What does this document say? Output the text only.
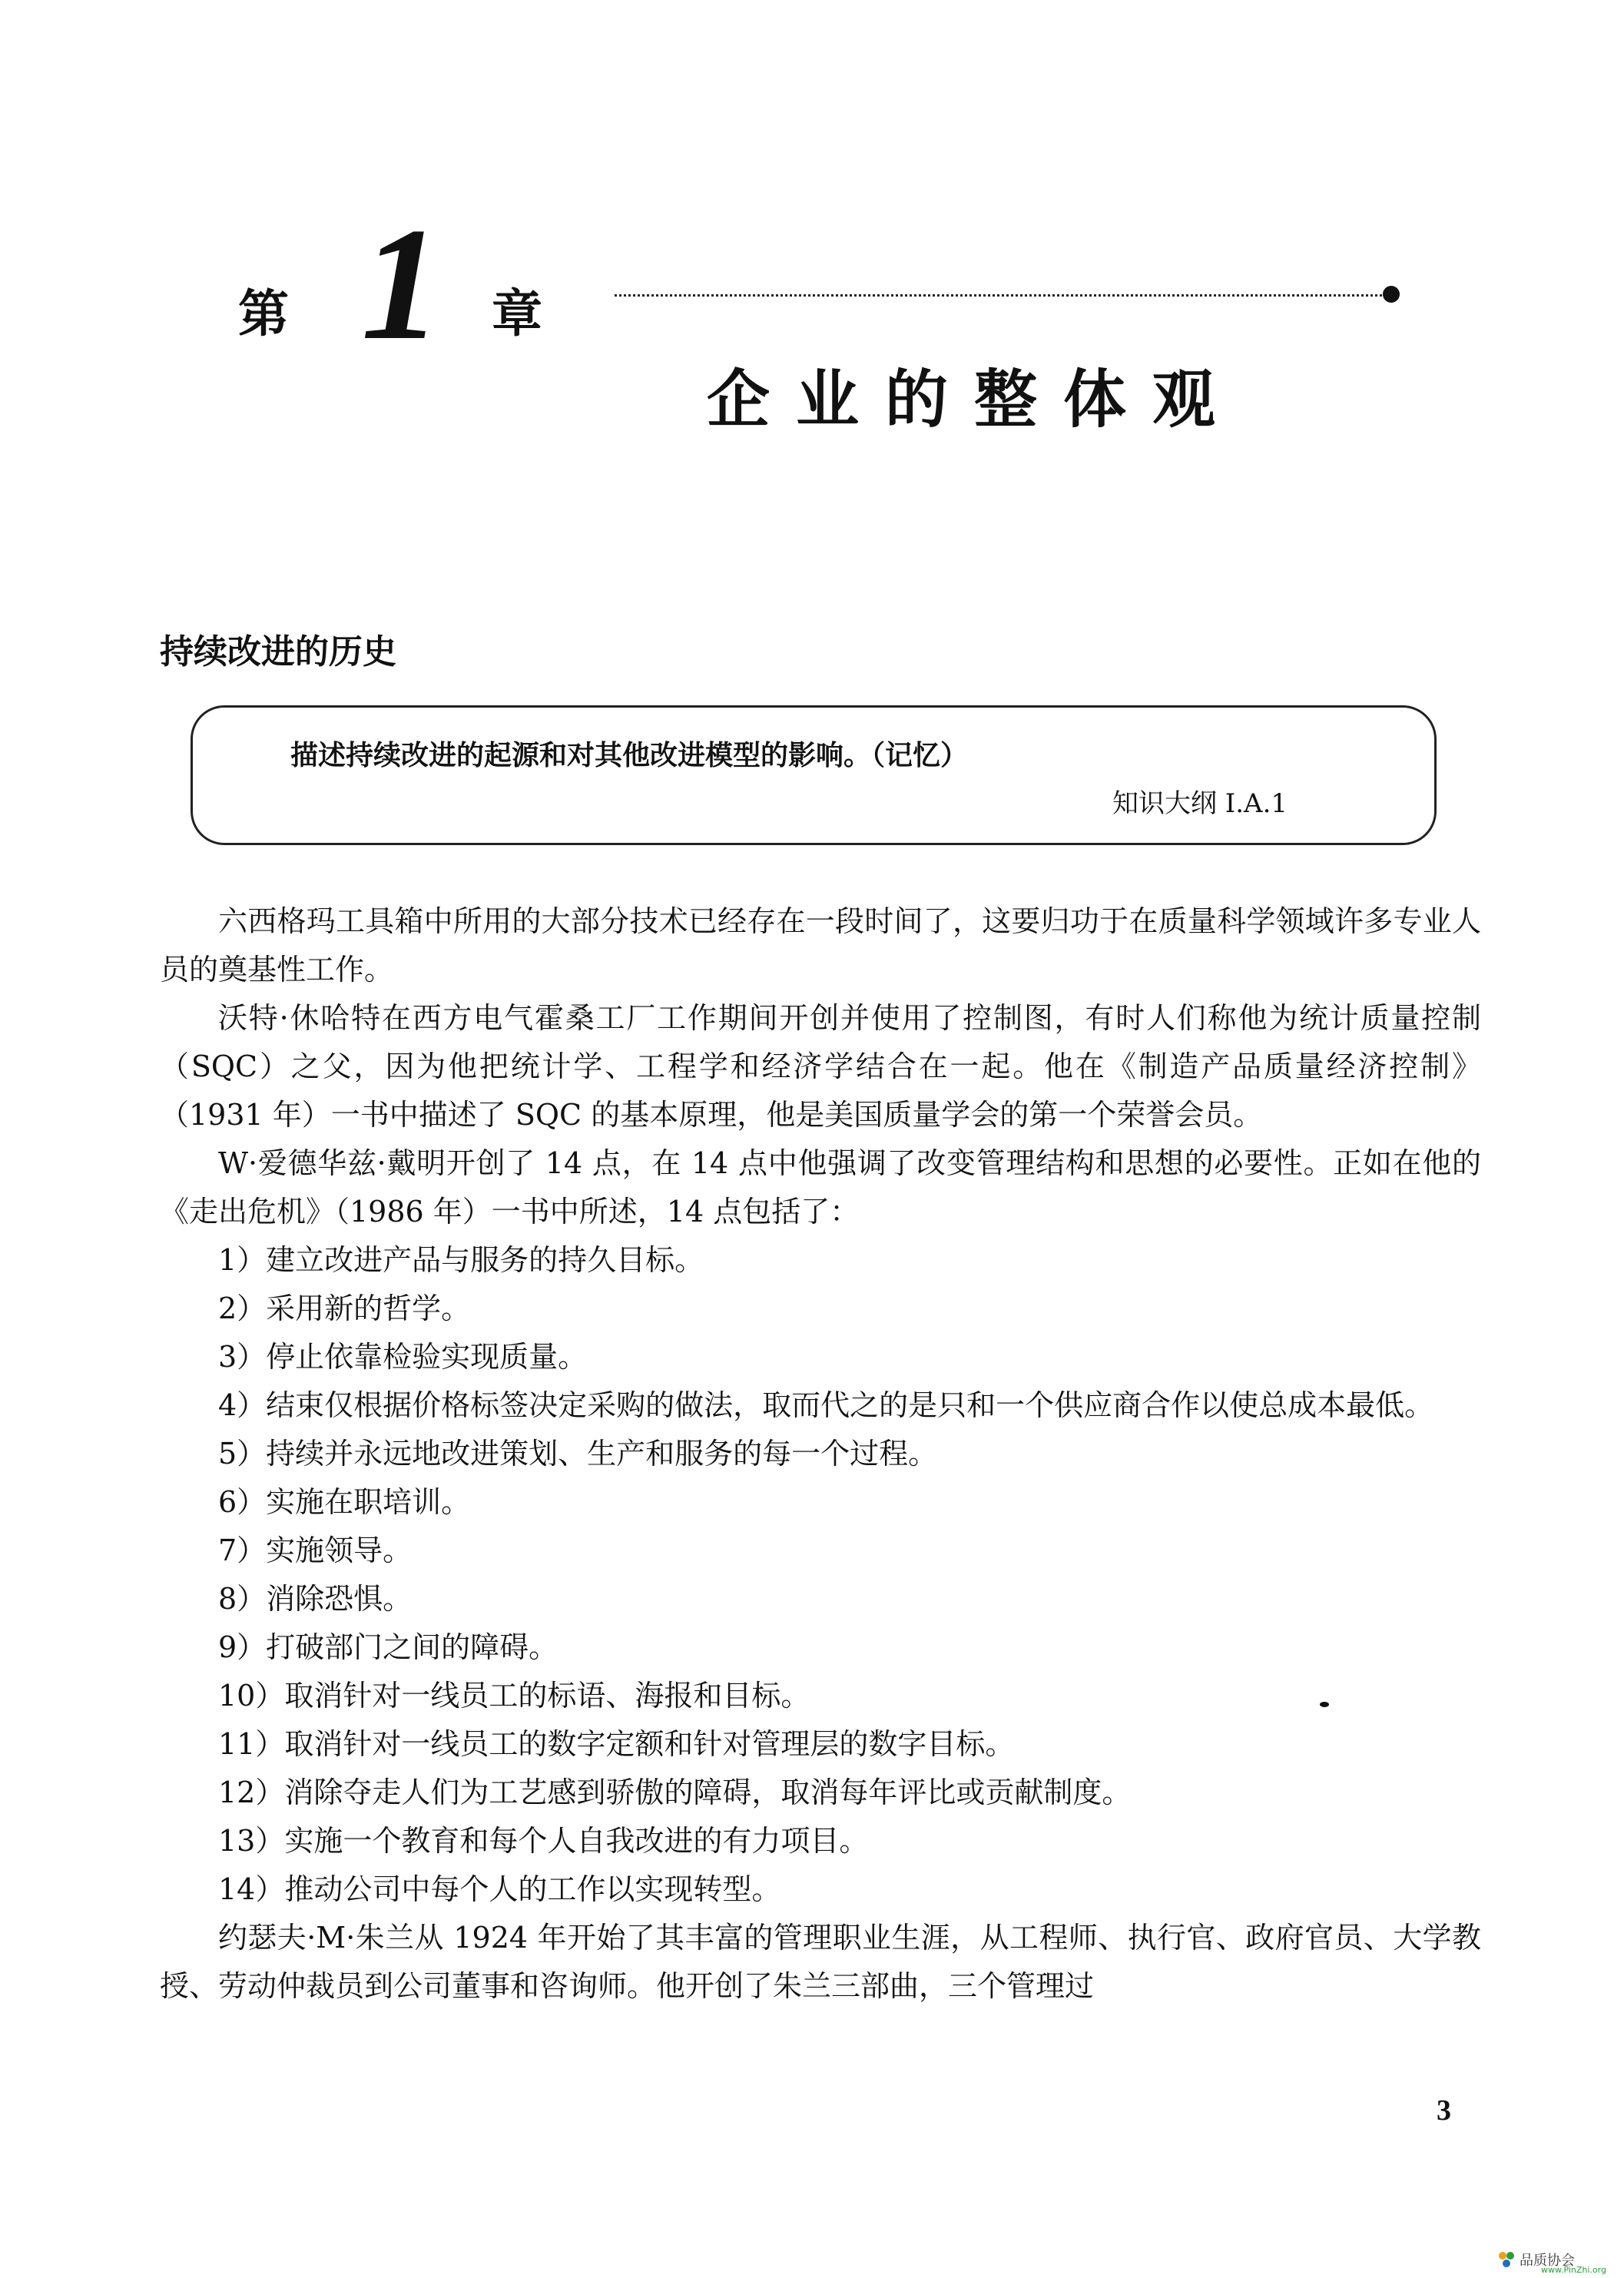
第 1 章
企业的整体观
持续改进的历史
描述持续改进的起源和对其他改进模型的影响。（记忆）
知识大纲 I.A.1

六西格玛工具箱中所用的大部分技术已经存在一段时间了，这要归功于在质量科学领域许多专业人员的奠基性工作。

沃特·休哈特在西方电气霍桑工厂工作期间开创并使用了控制图，有时人们称他为统计质量控制（SQC）之父，因为他把统计学、工程学和经济学结合在一起。他在《制造产品质量经济控制》（1931 年）一书中描述了 SQC 的基本原理，他是美国质量学会的第一个荣誉会员。

W·爱德华兹·戴明开创了 14 点，在 14 点中他强调了改变管理结构和思想的必要性。正如在他的《走出危机》（1986 年）一书中所述，14 点包括了：

1）建立改进产品与服务的持久目标。

2）采用新的哲学。

3）停止依靠检验实现质量。

4）结束仅根据价格标签决定采购的做法，取而代之的是只和一个供应商合作以使总成本最低。

5）持续并永远地改进策划、生产和服务的每一个过程。

6）实施在职培训。

7）实施领导。

8）消除恐惧。

9）打破部门之间的障碍。

10）取消针对一线员工的标语、海报和目标。

11）取消针对一线员工的数字定额和针对管理层的数字目标。

12）消除夺走人们为工艺感到骄傲的障碍，取消每年评比或贡献制度。

13）实施一个教育和每个人自我改进的有力项目。

14）推动公司中每个人的工作以实现转型。

约瑟夫·M·朱兰从 1924 年开始了其丰富的管理职业生涯，从工程师、执行官、政府官员、大学教授、劳动仲裁员到公司董事和咨询师。他开创了朱兰三部曲，三个管理过

3
品质协会
www.PinZhi.org
